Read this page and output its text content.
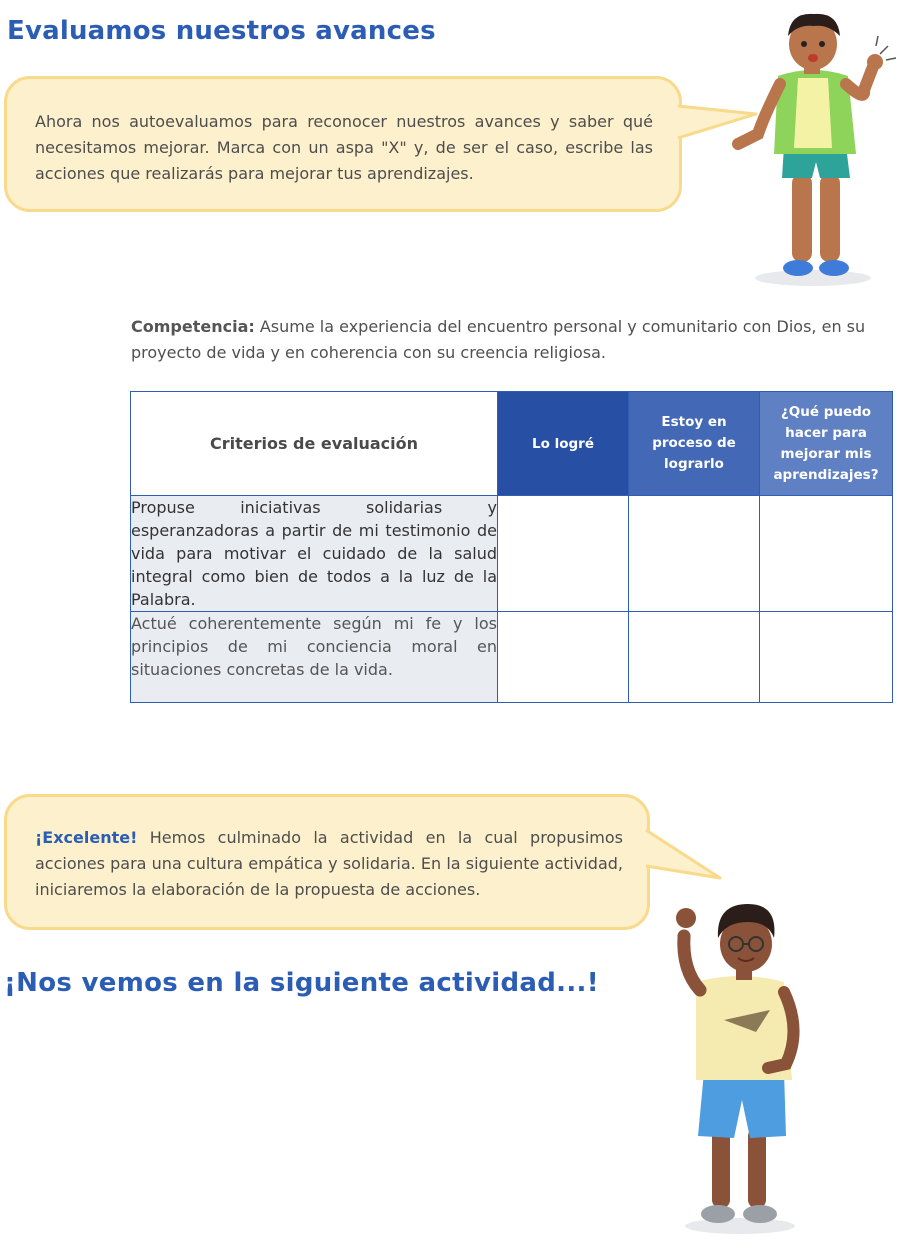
Evaluamos nuestros avances

Ahora nos autoevaluamos para reconocer nuestros avances y saber qué necesitamos mejorar. Marca con un aspa "X" y, de ser el caso, escribe las acciones que realizarás para mejorar tus aprendizajes.

Competencia: Asume la experiencia del encuentro personal y comunitario con Dios, en su proyecto de vida y en coherencia con su creencia religiosa.

Criterios de evaluación	Lo logré	Estoy en proceso de lograrlo	¿Qué puedo hacer para mejorar mis aprendizajes?
Propuse iniciativas solidarias y esperanzadoras a partir de mi testimonio de vida para motivar el cuidado de la salud integral como bien de todos a la luz de la Palabra.			
Actué coherentemente según mi fe y los principios de mi conciencia moral en situaciones concretas de la vida.			

¡Excelente! Hemos culminado la actividad en la cual propusimos acciones para una cultura empática y solidaria. En la siguiente actividad, iniciaremos la elaboración de la propuesta de acciones.

¡Nos vemos en la siguiente actividad...!
